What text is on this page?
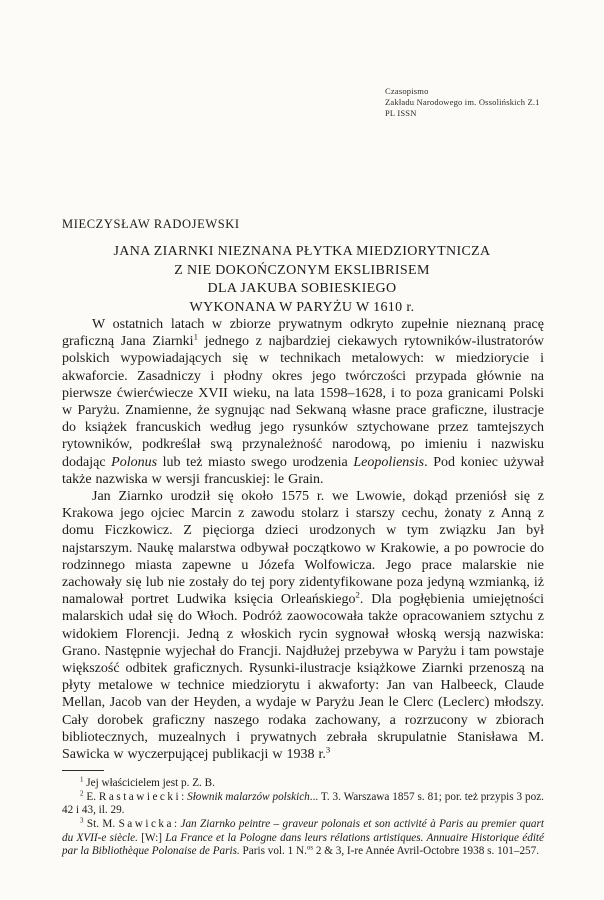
Czasopismo
Zakładu Narodowego im. Ossolińskich Z.1
PL ISSN
MIECZYSŁAW RADOJEWSKI
JANA ZIARNKI NIEZNANA PŁYTKA MIEDZIORYTNICZA
Z NIE DOKOŃCZONYM EKSLIBRISEM
DLA JAKUBA SOBIESKIEGO
WYKONANA W PARYŻU W 1610 r.

W ostatnich latach w zbiorze prywatnym odkryto zupełnie nieznaną pracę graficzną Jana Ziarnki$^1$ jednego z najbardziej ciekawych rytowników-ilustratorów polskich wypowiadających się w technikach metalowych: w miedziorycie i akwaforcie. Zasadniczy i płodny okres jego twórczości przypada głównie na pierwsze ćwierćwiecze XVII wieku, na lata 1598–1628, i to poza granicami Polski w Paryżu. Znamienne, że sygnując nad Sekwaną własne prace graficzne, ilustracje do książek francuskich według jego rysunków sztychowane przez tamtejszych rytowników, podkreślał swą przynależność narodową, po imieniu i nazwisku dodając Polonus lub też miasto swego urodzenia Leopoliensis. Pod koniec używał także nazwiska w wersji francuskiej: le Grain.

Jan Ziarnko urodził się około 1575 r. we Lwowie, dokąd przeniósł się z Krakowa jego ojciec Marcin z zawodu stolarz i starszy cechu, żonaty z Anną z domu Ficzkowicz. Z pięciorga dzieci urodzonych w tym związku Jan był najstarszym. Naukę malarstwa odbywał początkowo w Krakowie, a po powrocie do rodzinnego miasta zapewne u Józefa Wolfowicza. Jego prace malarskie nie zachowały się lub nie zostały do tej pory zidentyfikowane poza jedyną wzmianką, iż namalował portret Ludwika księcia Orleańskiego$^2$. Dla pogłębienia umiejętności malarskich udał się do Włoch. Podróż zaowocowała także opracowaniem sztychu z widokiem Florencji. Jedną z włoskich rycin sygnował włoską wersją nazwiska: Grano. Następnie wyjechał do Francji. Najdłużej przebywa w Paryżu i tam powstaje większość odbitek graficznych. Rysunki-ilustracje książkowe Ziarnki przenoszą na płyty metalowe w technice miedziorytu i akwaforty: Jan van Halbeeck, Claude Mellan, Jacob van der Heyden, a wydaje w Paryżu Jean le Clerc (Leclerc) młodszy. Cały dorobek graficzny naszego rodaka zachowany, a rozrzucony w zbiorach bibliotecznych, muzealnych i prywatnych zebrała skrupulatnie Stanisława M. Sawicka w wyczerpującej publikacji w 1938 r.$^3$

$^1$ Jej właścicielem jest p. Z. B.

$^2$ E. Rastawiecki: Słownik malarzów polskich... T. 3. Warszawa 1857 s. 81; por. też przypis 3 poz. 42 i 43, il. 29.

$^3$ St. M. Sawicka: Jan Ziarnko peintre – graveur polonais et son activité à Paris au premier quart du XVII-e siècle. [W:] La France et la Pologne dans leurs rélations artistiques. Annuaire Historique édité par la Bibliothèque Polonaise de Paris. Paris vol. 1 N.$^{os}$ 2 & 3, I-re Année Avril-Octobre 1938 s. 101–257.
